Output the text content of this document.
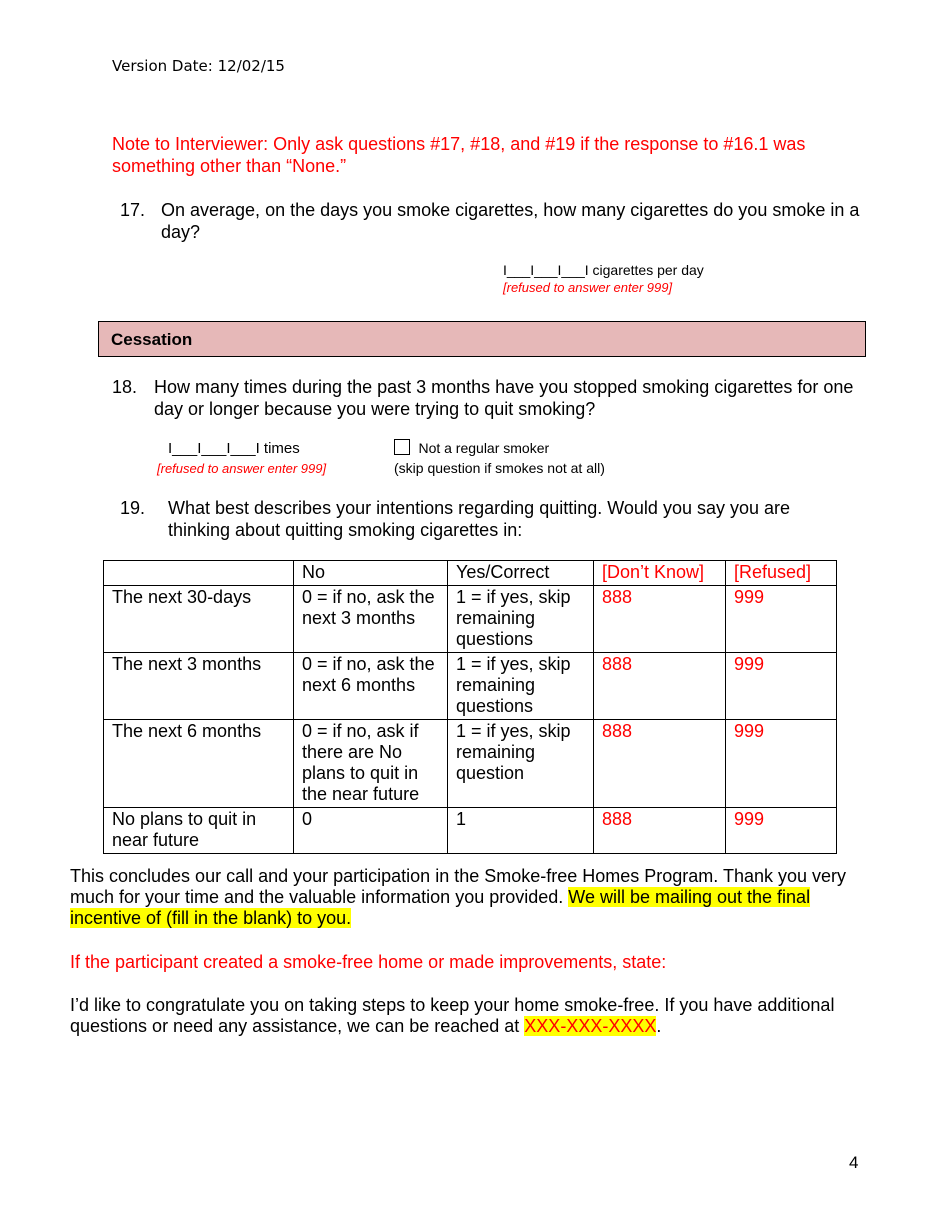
Version Date: 12/02/15
Note to Interviewer: Only ask questions #17, #18, and #19 if the response to #16.1 was something other than “None.”
17. On average, on the days you smoke cigarettes, how many cigarettes do you smoke in a day?
I___I___I___I cigarettes per day
[refused to answer enter 999]
Cessation
18. How many times during the past 3 months have you stopped smoking cigarettes for one day or longer because you were trying to quit smoking?
I___I___I___I times
[refused to answer enter 999]
Not a regular smoker
(skip question if smokes not at all)
19. What best describes your intentions regarding quitting. Would you say you are thinking about quitting smoking cigarettes in:
	No	Yes/Correct	[Don’t Know]	[Refused]
The next 30-days	0 = if no, ask the next 3 months	1 = if yes, skip remaining questions	888	999
The next 3 months	0 = if no, ask the next 6 months	1 = if yes, skip remaining questions	888	999
The next 6 months	0 = if no, ask if there are No plans to quit in the near future	1 = if yes, skip remaining question	888	999
No plans to quit in near future	0	1	888	999
This concludes our call and your participation in the Smoke-free Homes Program. Thank you very much for your time and the valuable information you provided. We will be mailing out the final incentive of (fill in the blank) to you.
If the participant created a smoke-free home or made improvements, state:
I’d like to congratulate you on taking steps to keep your home smoke-free. If you have additional questions or need any assistance, we can be reached at XXX-XXX-XXXX.
4
